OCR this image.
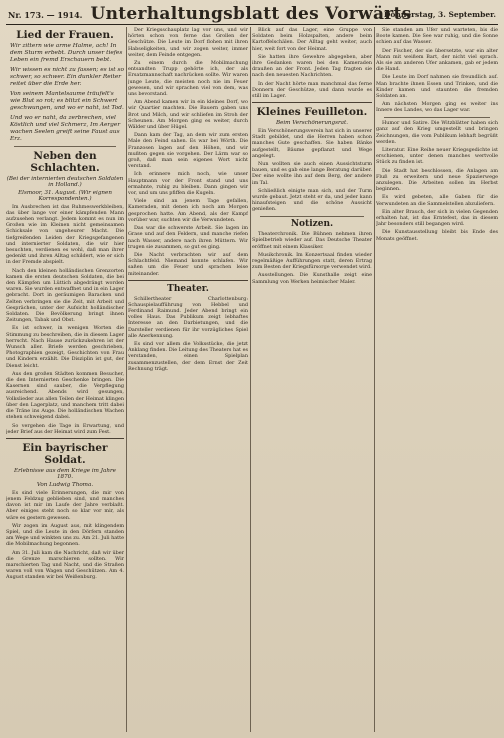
Nr. 173. — 1914. Unterhaltungsblatt des Vorwärts
Donnerstag, 3. September.
Lied der Frauen.
Wir zittern wie arme Halme, ach! In dem Sturm erbebt. Durch unser tiefes Leben ein fremd Erschauern bebt.
Wir wissen es nicht zu fassen; es ist so schwer, so schwer. Ein dunkler Reiter reitet über die Erde her.
Von seinem Mantelsaume träufelt's wie Blut so rot; es blitzt ein Schwert geschwungen, und wo er naht, ist Tod.
Und wo er naht, da zerbrechen, viel Köstlich und viel Schmerz, Im Aerger wachen Seelen greift seine Faust aus Erz.
Neben den Schlachten.
(Bei der internierten deutschen Soldaten in Holland.)
Elsmoor, 31. August. (Wir eignen Korrespondenten.)

Im Ausbrechen ist das Ruhmeswerkbleiben, das über lange vor einer kämpfenden Mann aufzusehen verlangt. Jedem kommt es nun im Großen wie im Kleinen nicht gemeinsamen Schicksale von ungeheurer Macht. Die tiefgreifenden Leiden der Kriegsgefangenen und internierter Soldaten, die wir hier besuchten, verdienen es wohl, daß man ihrer gedenkt und ihren Alltag schildert, wie er sich in der Fremde abspielt.

Nach den kleinen holländischen Grenzorten kamen die ersten deutschen Soldaten, die bei den Kämpfen um Lüttich abgedrängt worden waren. Sie wurden entwaffnet und in ein Lager gebracht. Dort in geräumigen Baracken und Zelten verbringen sie die Zeit, mit Arbeit und Gesprächen, unter der Aufsicht holländischer Soldaten. Die Bevölkerung bringt ihnen Zeitungen, Tabak und Obst.

Es ist schwer, in wenigen Worten die Stimmung zu beschreiben, die in diesem Lager herrscht. Nach Hause zurückzukehren ist der Wunsch aller. Briefe werden geschrieben, Photographien gezeigt, Geschichten von Frau und Kindern erzählt. Die Disziplin ist gut, der Dienst leicht.

Aus den großen Städten kommen Besucher, die den Internierten Geschenke bringen. Die Kasernen sind sauber, die Verpflegung ausreichend. Abends wird gesungen, Volkslieder aus allen Teilen der Heimat klingen über den Lagerplatz, und manchem tritt dabei die Träne ins Auge. Die holländischen Wachen stehen schweigend dabei.

So vergehen die Tage in Erwartung, und jeder Brief aus der Heimat wird zum Fest.

Ein bayrischer Soldat.
Erlebnisse aus dem Kriege im Jahre 1870.
Von Ludwig Thoma.

Es sind viele Erinnerungen, die mir von jenem Feldzug geblieben sind, und manches davon ist mir im Laufe der Jahre verblaßt. Aber einiges steht noch so klar vor mir, als wäre es gestern gewesen.

Wir zogen im August aus, mit klingendem Spiel, und die Leute in den Dörfern standen am Wege und winkten uns zu. Am 21. Juli hatte die Mobilmachung begonnen.

Am 31. Juli kam die Nachricht, daß wir über die Grenze marschieren sollten. Wir marschierten Tag und Nacht, und die Straßen waren voll von Wagen und Geschützen. Am 4. August standen wir bei Weißenburg.

Der Kriegsschauplatz lag vor uns, und wir hörten schon von ferne das Grollen der Geschütze. Die Leute im Dorf flohen mit ihren Habseligkeiten, und wir zogen weiter, immer weiter, dem Feinde entgegen.

Zu einem durch die Mobilmachung entsandten Trupp gehörte ich, der als Ersatzmannschaft nachrücken sollte. Wir waren junge Leute, die meisten noch nie im Feuer gewesen, und wir sprachen viel von dem, was uns bevorstand.

Am Abend kamen wir in ein kleines Dorf, wo wir Quartier machten. Die Bauern gaben uns Brot und Milch, und wir schliefen im Stroh der Scheunen. Am Morgen ging es weiter, durch Wälder und über Hügel.

Dann kam der Tag, an dem wir zum ersten Male den Feind sahen. Es war bei Wörth. Die Franzosen lagen auf den Höhen, und wir mußten gegen sie vorgehen. Der Lärm war so groß, daß man sein eigenes Wort nicht verstand.

Ich erinnere mich noch, wie unser Hauptmann vor der Front stand und uns ermahnte, ruhig zu bleiben. Dann gingen wir vor, und um uns pfiffen die Kugeln.

Viele sind an jenem Tage gefallen, Kameraden, mit denen ich noch am Morgen gesprochen hatte. Am Abend, als der Kampf vorüber war, suchten wir die Verwundeten.

Das war die schwerste Arbeit. Sie lagen im Grase und auf den Feldern, und manche riefen nach Wasser, andere nach ihren Müttern. Wir trugen sie zusammen, so gut es ging.

Die Nacht verbrachten wir auf dem Schlachtfeld. Niemand konnte schlafen. Wir saßen um die Feuer und sprachen leise miteinander.

Theater.

Schillertheater Charlottenburg: Schauspielaufführung von Hebbel und Ferdinand Raimund. Jeder Abend bringt ein volles Haus. Das Publikum zeigt lebhaftes Interesse an den Darbietungen, und die Darsteller verdienen für ihr vorzügliches Spiel alle Anerkennung.

Es sind vor allem die Volksstücke, die jetzt Anklang finden. Die Leitung des Theaters hat es verstanden, einen Spielplan zusammenzustellen, der dem Ernst der Zeit Rechnung trägt.

Blick auf das Lager, eine Gruppe von Soldaten beim Holzspalten, andere beim Kartoffelschälen. Der Alltag geht weiter, auch hier, weit fort von der Heimat.

Sie hatten ihre Gewehre abgegeben, aber ihre Gedanken waren bei den Kameraden draußen an der Front. Jeden Tag fragten sie nach den neuesten Nachrichten.

In der Nacht hörte man manchmal das ferne Donnern der Geschütze, und dann wurde es still im Lager.

Kleines Feuilleton.
Beim Verschönerungsrat.

Ein Verschönerungsverein hat sich in unserer Stadt gebildet, und die Herren haben schon manches Gute geschaffen. Sie haben Bänke aufgestellt, Bäume gepflanzt und Wege angelegt.

Nun wollten sie auch einen Aussichtsturm bauen, und es gab eine lange Beratung darüber. Der eine wollte ihn auf dem Berg, der andere im Tal.

Schließlich einigte man sich, und der Turm wurde gebaut. Jetzt steht er da, und jeder kann hinaufsteigen und die schöne Aussicht genießen.

Notizen.

Theaterchronik. Die Bühnen nehmen ihren Spielbetrieb wieder auf. Das Deutsche Theater eröffnet mit einem Klassiker.

Musikchronik. Im Konzertsaal finden wieder regelmäßige Aufführungen statt, deren Ertrag zum Besten der Kriegsfürsorge verwendet wird.

Ausstellungen. Die Kunsthalle zeigt eine Sammlung von Werken heimischer Maler.

Sie standen am Ufer und warteten, bis die Boote kamen. Die See war ruhig, und die Sonne schien auf das Wasser.

Der Fischer, der sie übersetzte, war ein alter Mann mit weißem Bart, der nicht viel sprach. Als sie am anderen Ufer ankamen, gab er jedem die Hand.

Die Leute im Dorf nahmen sie freundlich auf. Man brachte ihnen Essen und Trinken, und die Kinder kamen und staunten die fremden Soldaten an.

Am nächsten Morgen ging es weiter ins Innere des Landes, wo das Lager war.

Humor und Satire. Die Witzblätter haben sich ganz auf den Krieg umgestellt und bringen Zeichnungen, die vom Publikum lebhaft begrüßt werden.

Literatur. Eine Reihe neuer Kriegsgedichte ist erschienen, unter denen manches wertvolle Stück zu finden ist.

Die Stadt hat beschlossen, die Anlagen am Fluß zu erweitern und neue Spazierwege anzulegen. Die Arbeiten sollen im Herbst beginnen.

Es wird gebeten, alle Gaben für die Verwundeten an die Sammelstellen abzuliefern.

Ein alter Brauch, der sich in vielen Gegenden erhalten hat, ist das Erntefest, das in diesem Jahr besonders still begangen wird.

Die Kunstausstellung bleibt bis Ende des Monats geöffnet.
